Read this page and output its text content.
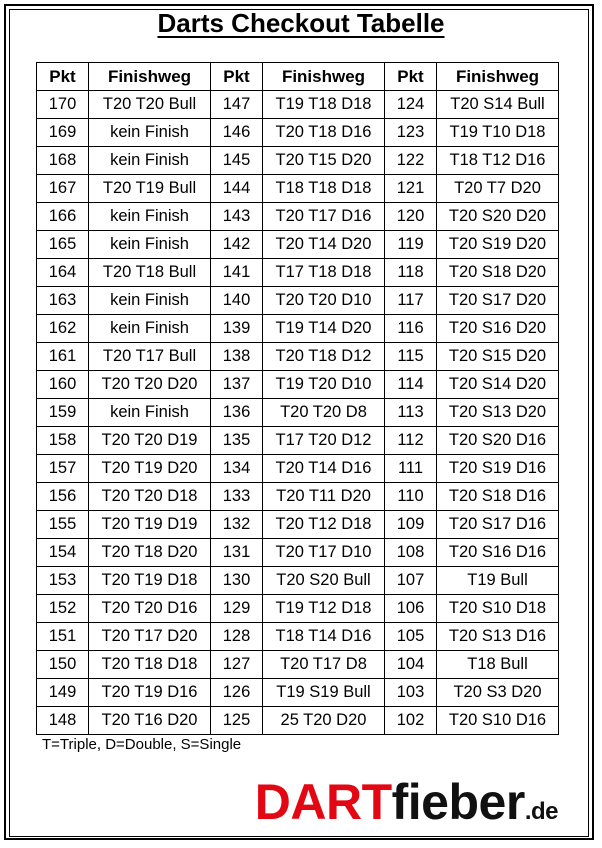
Darts Checkout Tabelle
Pkt	Finishweg	Pkt	Finishweg	Pkt	Finishweg
170	T20 T20 Bull	147	T19 T18 D18	124	T20 S14 Bull
169	kein Finish	146	T20 T18 D16	123	T19 T10 D18
168	kein Finish	145	T20 T15 D20	122	T18 T12 D16
167	T20 T19 Bull	144	T18 T18 D18	121	T20 T7 D20
166	kein Finish	143	T20 T17 D16	120	T20 S20 D20
165	kein Finish	142	T20 T14 D20	119	T20 S19 D20
164	T20 T18 Bull	141	T17 T18 D18	118	T20 S18 D20
163	kein Finish	140	T20 T20 D10	117	T20 S17 D20
162	kein Finish	139	T19 T14 D20	116	T20 S16 D20
161	T20 T17 Bull	138	T20 T18 D12	115	T20 S15 D20
160	T20 T20 D20	137	T19 T20 D10	114	T20 S14 D20
159	kein Finish	136	T20 T20 D8	113	T20 S13 D20
158	T20 T20 D19	135	T17 T20 D12	112	T20 S20 D16
157	T20 T19 D20	134	T20 T14 D16	111	T20 S19 D16
156	T20 T20 D18	133	T20 T11 D20	110	T20 S18 D16
155	T20 T19 D19	132	T20 T12 D18	109	T20 S17 D16
154	T20 T18 D20	131	T20 T17 D10	108	T20 S16 D16
153	T20 T19 D18	130	T20 S20 Bull	107	T19 Bull
152	T20 T20 D16	129	T19 T12 D18	106	T20 S10 D18
151	T20 T17 D20	128	T18 T14 D16	105	T20 S13 D16
150	T20 T18 D18	127	T20 T17 D8	104	T18 Bull
149	T20 T19 D16	126	T19 S19 Bull	103	T20 S3 D20
148	T20 T16 D20	125	25 T20 D20	102	T20 S10 D16
T=Triple, D=Double, S=Single
DARTfieber.de
